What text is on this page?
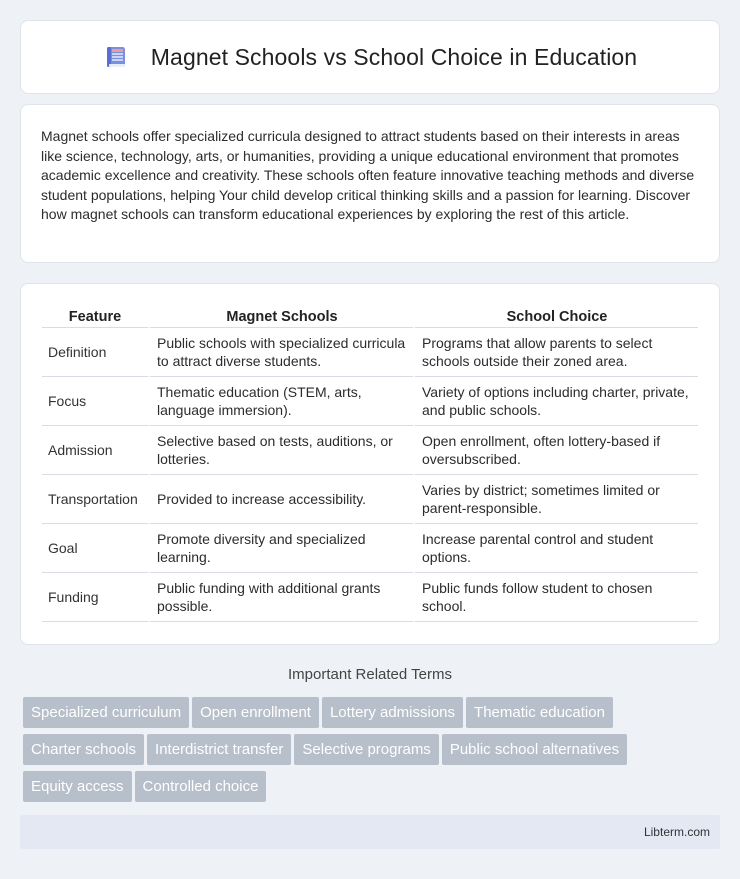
Magnet Schools vs School Choice in Education

Magnet schools offer specialized curricula designed to attract students based on their interests in areas like science, technology, arts, or humanities, providing a unique educational environment that promotes academic excellence and creativity. These schools often feature innovative teaching methods and diverse student populations, helping Your child develop critical thinking skills and a passion for learning. Discover how magnet schools can transform educational experiences by exploring the rest of this article.

Feature	Magnet Schools	School Choice
Definition	Public schools with specialized curricula to attract diverse students.	Programs that allow parents to select schools outside their zoned area.
Focus	Thematic education (STEM, arts, language immersion).	Variety of options including charter, private, and public schools.
Admission	Selective based on tests, auditions, or lotteries.	Open enrollment, often lottery-based if oversubscribed.
Transportation	Provided to increase accessibility.	Varies by district; sometimes limited or parent-responsible.
Goal	Promote diversity and specialized learning.	Increase parental control and student options.
Funding	Public funding with additional grants possible.	Public funds follow student to chosen school.
Important Related Terms
Specialized curriculum Open enrollment Lottery admissions Thematic education
Charter schools Interdistrict transfer Selective programs Public school alternatives
Equity access Controlled choice
Libterm.com
